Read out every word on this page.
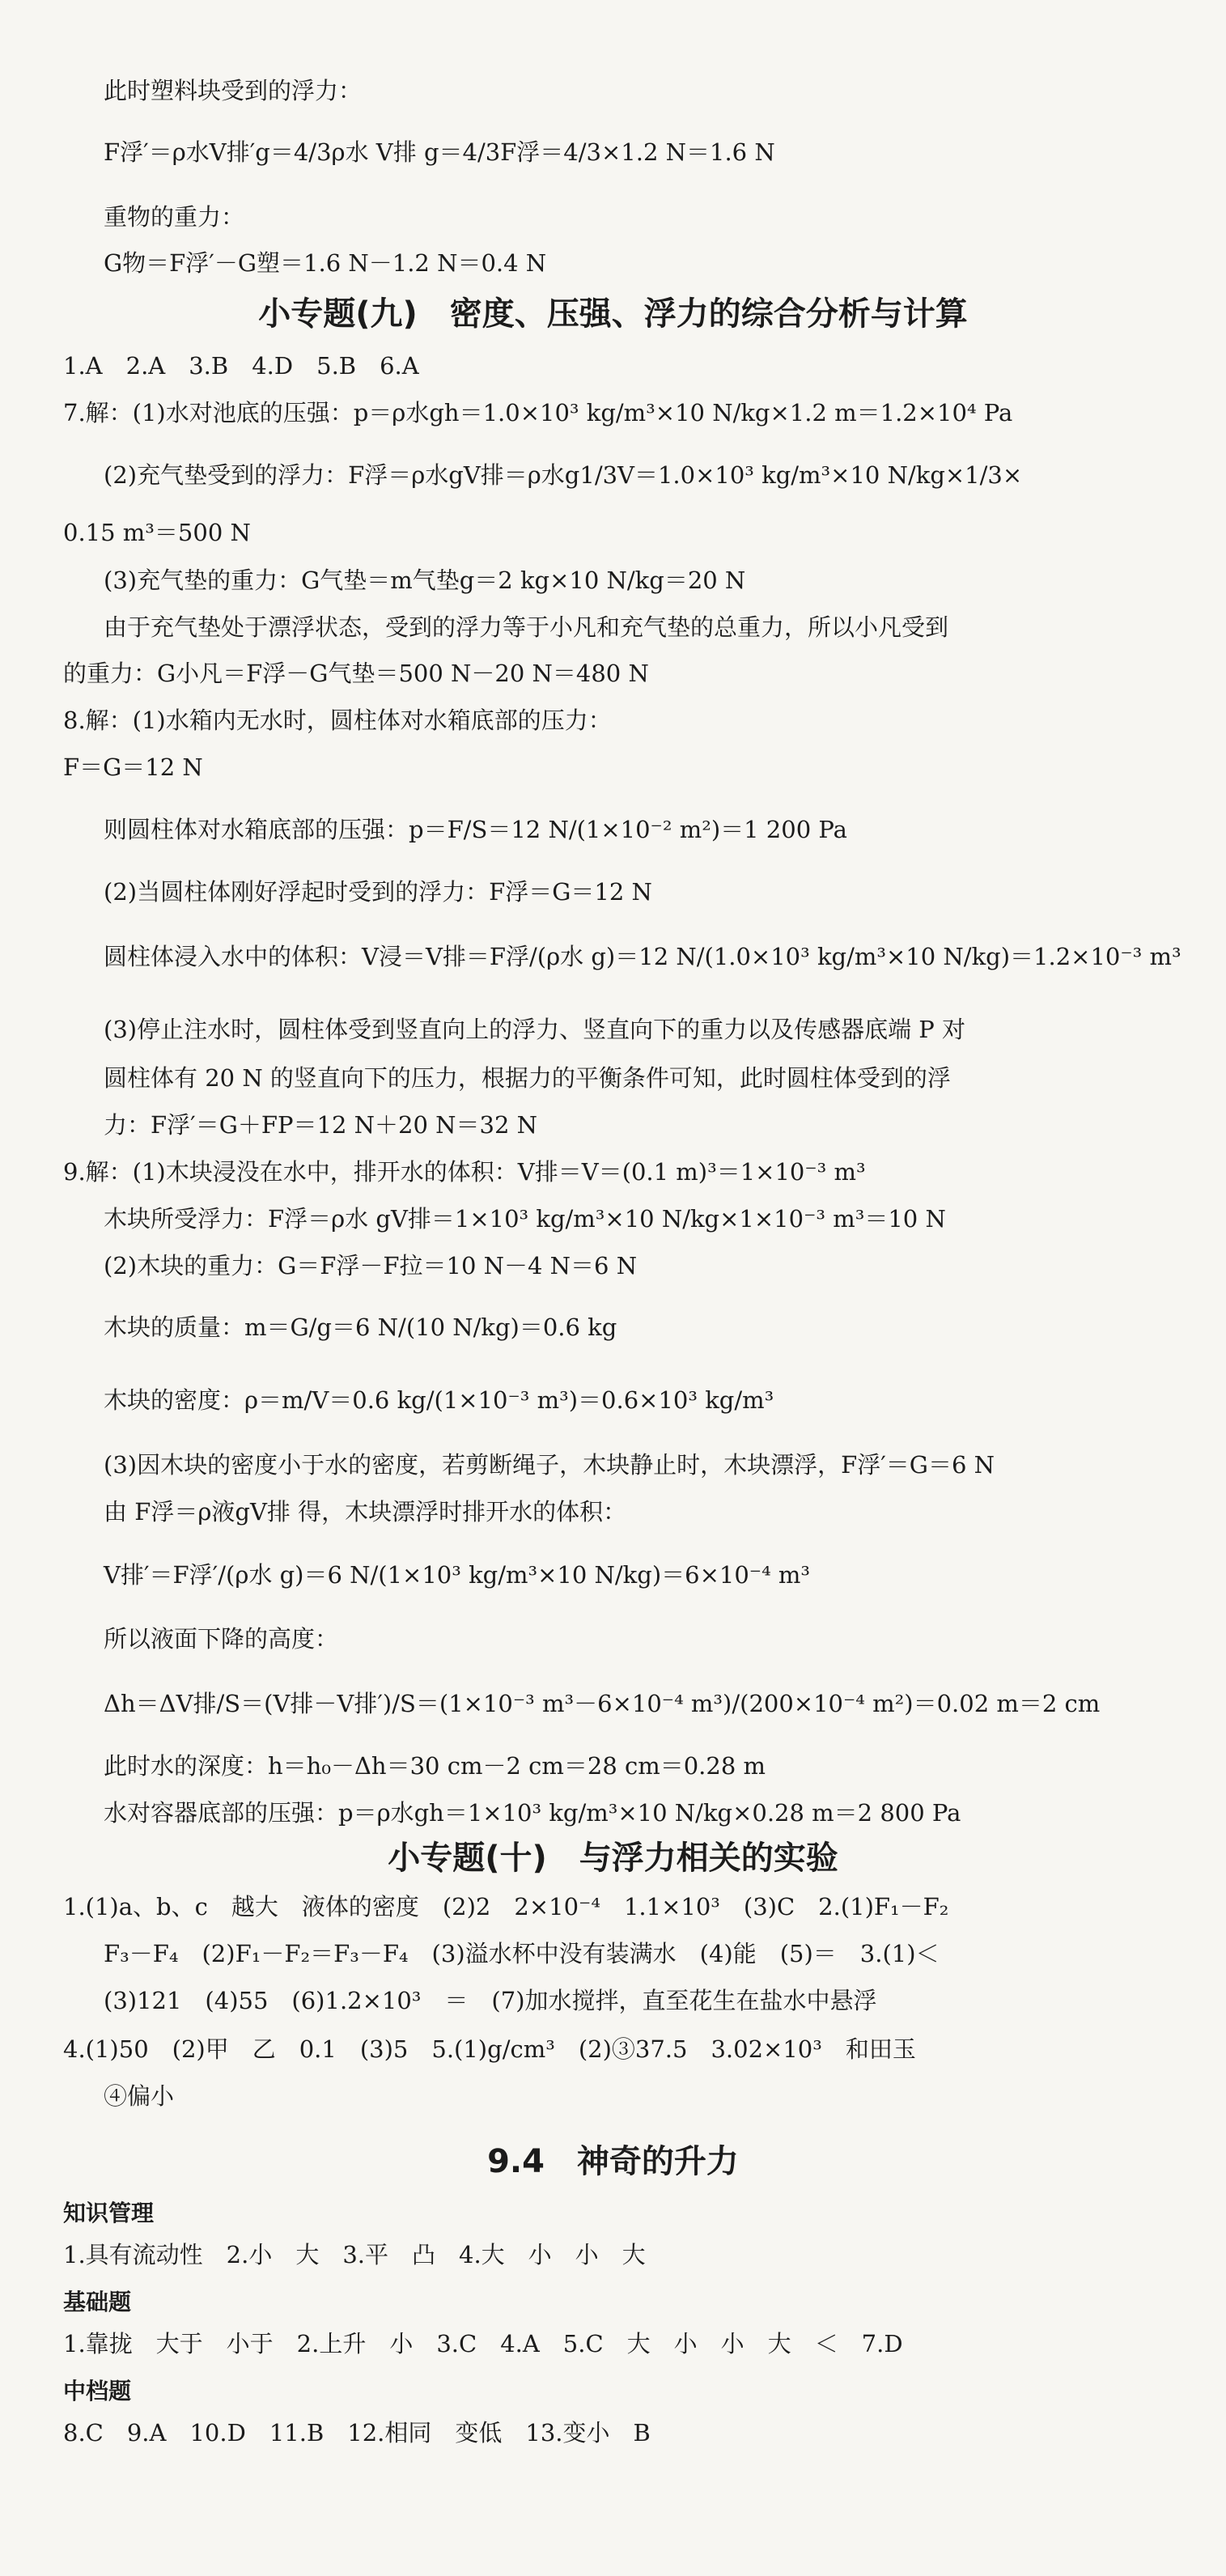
此时塑料块受到的浮力：
F浮′＝ρ水V排′g＝4/3ρ水 V排 g＝4/3F浮＝4/3×1.2 N＝1.6 N
重物的重力：
G物＝F浮′－G塑＝1.6 N－1.2 N＝0.4 N
小专题(九)　密度、压强、浮力的综合分析与计算
1.A　2.A　3.B　4.D　5.B　6.A
7.解：(1)水对池底的压强：p＝ρ水gh＝1.0×10³ kg/m³×10 N/kg×1.2 m＝1.2×10⁴ Pa
(2)充气垫受到的浮力：F浮＝ρ水gV排＝ρ水g1/3V＝1.0×10³ kg/m³×10 N/kg×1/3×
0.15 m³＝500 N
(3)充气垫的重力：G气垫＝m气垫g＝2 kg×10 N/kg＝20 N
由于充气垫处于漂浮状态，受到的浮力等于小凡和充气垫的总重力，所以小凡受到
的重力：G小凡＝F浮－G气垫＝500 N－20 N＝480 N
8.解：(1)水箱内无水时，圆柱体对水箱底部的压力：
F＝G＝12 N
则圆柱体对水箱底部的压强：p＝F/S＝12 N/(1×10⁻² m²)＝1 200 Pa
(2)当圆柱体刚好浮起时受到的浮力：F浮＝G＝12 N
圆柱体浸入水中的体积：V浸＝V排＝F浮/(ρ水 g)＝12 N/(1.0×10³ kg/m³×10 N/kg)＝1.2×10⁻³ m³
(3)停止注水时，圆柱体受到竖直向上的浮力、竖直向下的重力以及传感器底端 P 对
圆柱体有 20 N 的竖直向下的压力，根据力的平衡条件可知，此时圆柱体受到的浮
力：F浮′＝G＋FP＝12 N＋20 N＝32 N
9.解：(1)木块浸没在水中，排开水的体积：V排＝V＝(0.1 m)³＝1×10⁻³ m³
木块所受浮力：F浮＝ρ水 gV排＝1×10³ kg/m³×10 N/kg×1×10⁻³ m³＝10 N
(2)木块的重力：G＝F浮－F拉＝10 N－4 N＝6 N
木块的质量：m＝G/g＝6 N/(10 N/kg)＝0.6 kg
木块的密度：ρ＝m/V＝0.6 kg/(1×10⁻³ m³)＝0.6×10³ kg/m³
(3)因木块的密度小于水的密度，若剪断绳子，木块静止时，木块漂浮，F浮′＝G＝6 N
由 F浮＝ρ液gV排 得，木块漂浮时排开水的体积：
V排′＝F浮′/(ρ水 g)＝6 N/(1×10³ kg/m³×10 N/kg)＝6×10⁻⁴ m³
所以液面下降的高度：
Δh＝ΔV排/S＝(V排－V排′)/S＝(1×10⁻³ m³－6×10⁻⁴ m³)/(200×10⁻⁴ m²)＝0.02 m＝2 cm
此时水的深度：h＝h₀－Δh＝30 cm－2 cm＝28 cm＝0.28 m
水对容器底部的压强：p＝ρ水gh＝1×10³ kg/m³×10 N/kg×0.28 m＝2 800 Pa
小专题(十)　与浮力相关的实验
1.(1)a、b、c　越大　液体的密度　(2)2　2×10⁻⁴　1.1×10³　(3)C　2.(1)F₁－F₂
F₃－F₄　(2)F₁－F₂＝F₃－F₄　(3)溢水杯中没有装满水　(4)能　(5)＝　3.(1)＜
(3)121　(4)55　(6)1.2×10³　＝　(7)加水搅拌，直至花生在盐水中悬浮
4.(1)50　(2)甲　乙　0.1　(3)5　5.(1)g/cm³　(2)③37.5　3.02×10³　和田玉
④偏小
9.4　神奇的升力
知识管理
1.具有流动性　2.小　大　3.平　凸　4.大　小　小　大
基础题
1.靠拢　大于　小于　2.上升　小　3.C　4.A　5.C　大　小　小　大　＜　7.D
中档题
8.C　9.A　10.D　11.B　12.相同　变低　13.变小　B
